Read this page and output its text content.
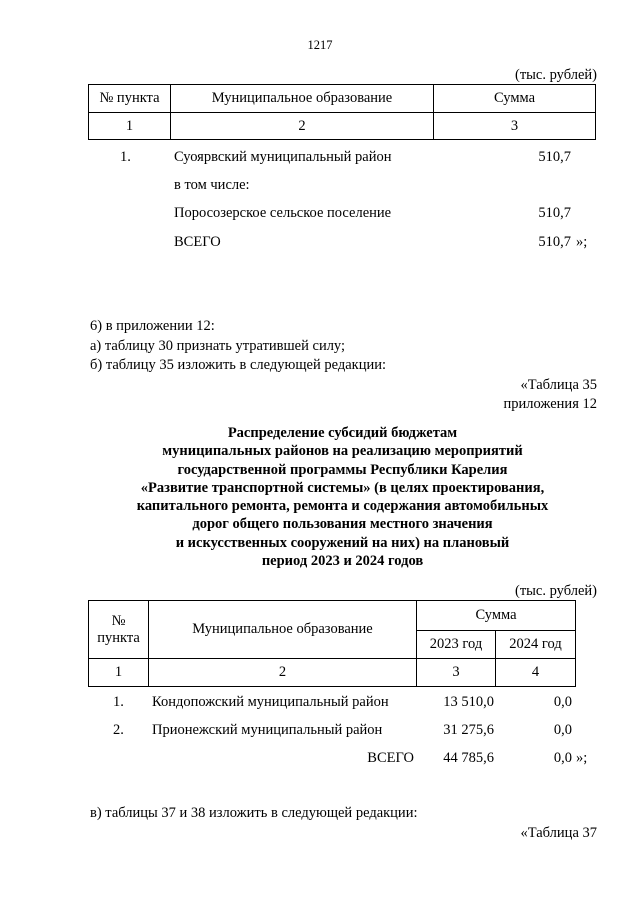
1217
(тыс. рублей)
№ пункта	Муниципальное образование	Сумма
1	2	3
1.	Суоярвский муниципальный район	510,7
в том числе:
Поросозерское сельское поселение	510,7
ВСЕГО	510,7 »;
6) в приложении 12:
а) таблицу 30 признать утратившей силу;
б) таблицу 35 изложить в следующей редакции:
«Таблица 35
приложения 12
Распределение субсидий бюджетам
муниципальных районов на реализацию мероприятий
государственной программы Республики Карелия
«Развитие транспортной системы» (в целях проектирования,
капитального ремонта, ремонта и содержания автомобильных
дорог общего пользования местного значения
и искусственных сооружений на них) на плановый
период 2023 и 2024 годов
(тыс. рублей)
№
пункта	Муниципальное образование	Сумма	
		2023 год	2024 год
1	2	3	4
1. Кондопожский муниципальный район	13 510,0	0,0
2. Прионежский муниципальный район	31 275,6	0,0
ВСЕГО 44 785,6	0,0 »;
в) таблицы 37 и 38 изложить в следующей редакции:
«Таблица 37
